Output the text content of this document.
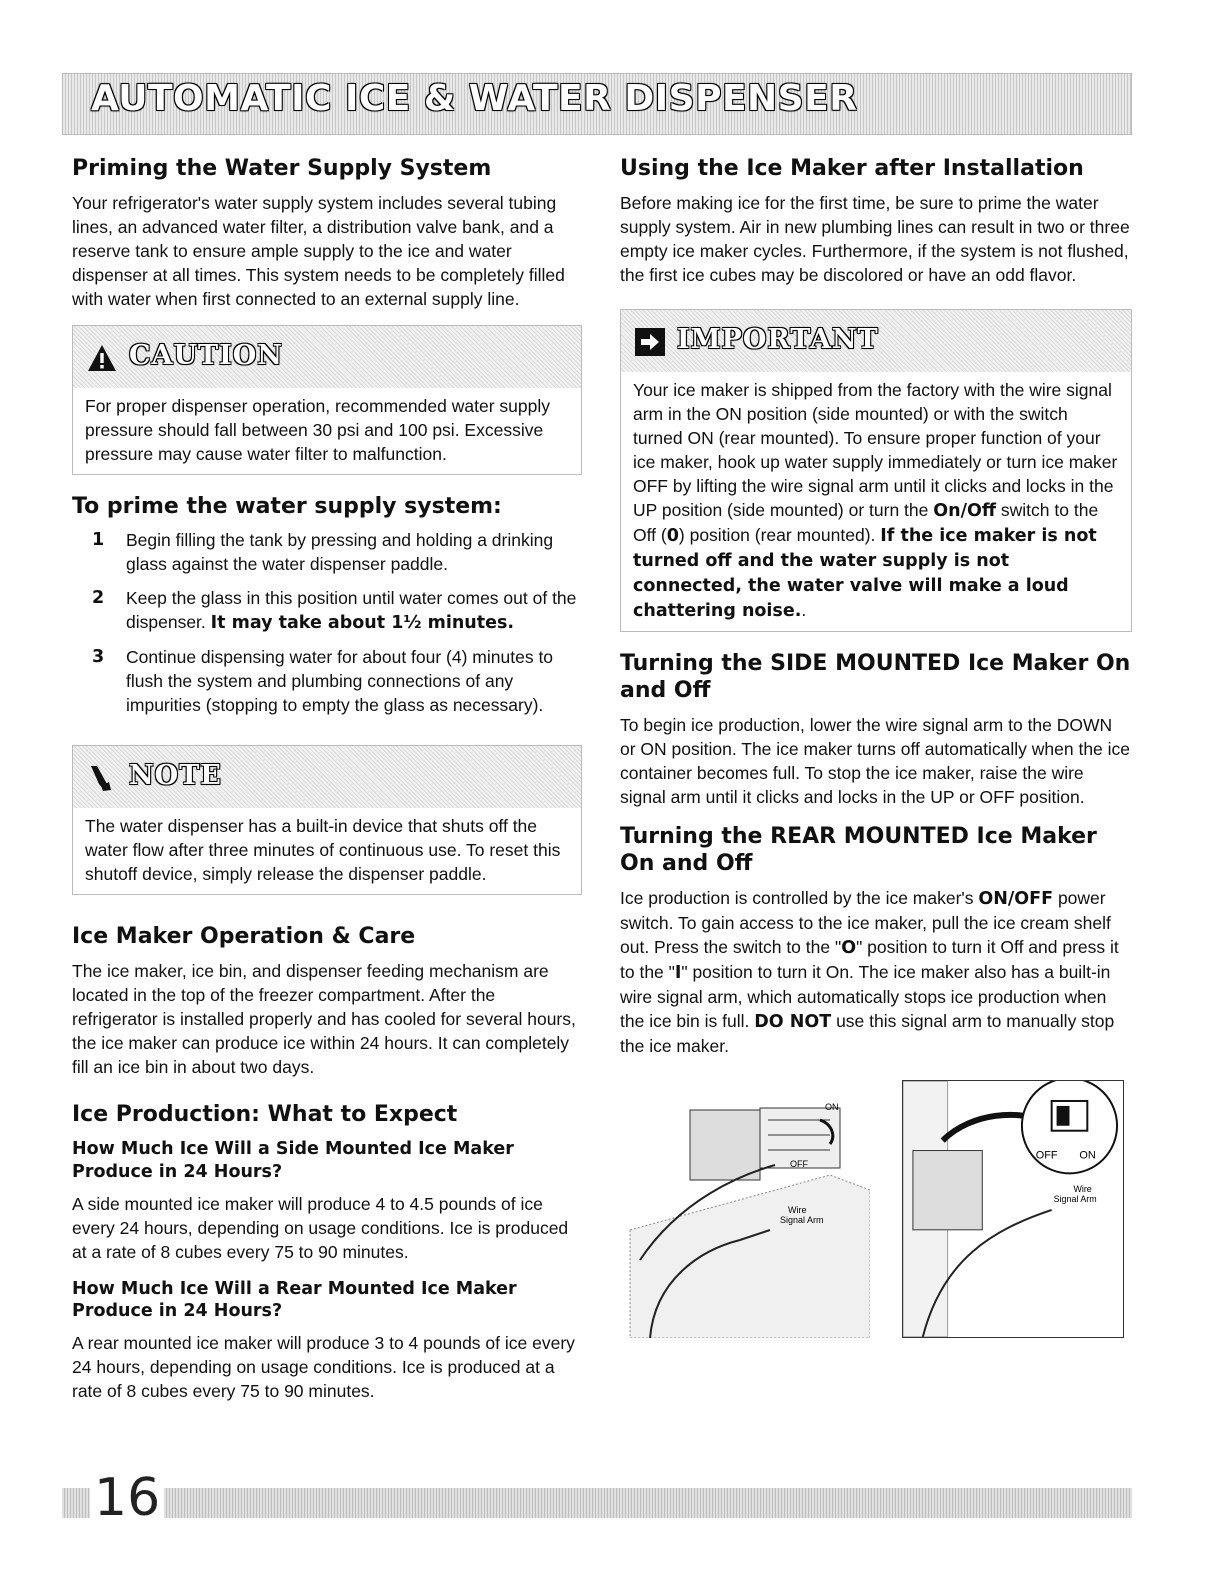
AUTOMATIC ICE & WATER DISPENSER
Priming the Water Supply System

Your refrigerator's water supply system includes several tubing lines, an advanced water filter, a distribution valve bank, and a reserve tank to ensure ample supply to the ice and water dispenser at all times. This system needs to be completely filled with water when first connected to an external supply line.

CAUTION
For proper dispenser operation, recommended water supply pressure should fall between 30 psi and 100 psi. Excessive pressure may cause water filter to malfunction.
To prime the water supply system:
1 Begin filling the tank by pressing and holding a drinking glass against the water dispenser paddle.
2 Keep the glass in this position until water comes out of the dispenser. It may take about 1½ minutes.
3 Continue dispensing water for about four (4) minutes to flush the system and plumbing connections of any impurities (stopping to empty the glass as necessary).
NOTE
The water dispenser has a built-in device that shuts off the water flow after three minutes of continuous use. To reset this shutoff device, simply release the dispenser paddle.
Ice Maker Operation & Care

The ice maker, ice bin, and dispenser feeding mechanism are located in the top of the freezer compartment. After the refrigerator is installed properly and has cooled for several hours, the ice maker can produce ice within 24 hours. It can completely fill an ice bin in about two days.

Ice Production: What to Expect
How Much Ice Will a Side Mounted Ice Maker Produce in 24 Hours?

A side mounted ice maker will produce 4 to 4.5 pounds of ice every 24 hours, depending on usage conditions. Ice is produced at a rate of 8 cubes every 75 to 90 minutes.

How Much Ice Will a Rear Mounted Ice Maker Produce in 24 Hours?

A rear mounted ice maker will produce 3 to 4 pounds of ice every 24 hours, depending on usage conditions. Ice is produced at a rate of 8 cubes every 75 to 90 minutes.

Using the Ice Maker after Installation

Before making ice for the first time, be sure to prime the water supply system. Air in new plumbing lines can result in two or three empty ice maker cycles. Furthermore, if the system is not flushed, the first ice cubes may be discolored or have an odd flavor.

IMPORTANT
Your ice maker is shipped from the factory with the wire signal arm in the ON position (side mounted) or with the switch turned ON (rear mounted). To ensure proper function of your ice maker, hook up water supply immediately or turn ice maker OFF by lifting the wire signal arm until it clicks and locks in the UP position (side mounted) or turn the On/Off switch to the Off (0) position (rear mounted). If the ice maker is not turned off and the water supply is not connected, the water valve will make a loud chattering noise..
Turning the SIDE MOUNTED Ice Maker On and Off

To begin ice production, lower the wire signal arm to the DOWN or ON position. The ice maker turns off automatically when the ice container becomes full. To stop the ice maker, raise the wire signal arm until it clicks and locks in the UP or OFF position.

Turning the REAR MOUNTED Ice Maker On and Off

Ice production is controlled by the ice maker's ON/OFF power switch. To gain access to the ice maker, pull the ice cream shelf out. Press the switch to the "O" position to turn it Off and press it to the "I" position to turn it On. The ice maker also has a built-in wire signal arm, which automatically stops ice production when the ice bin is full. DO NOT use this signal arm to manually stop the ice maker.

ON
OFF
Wire
Signal Arm
OFF ON
Wire
Signal Arm
16
